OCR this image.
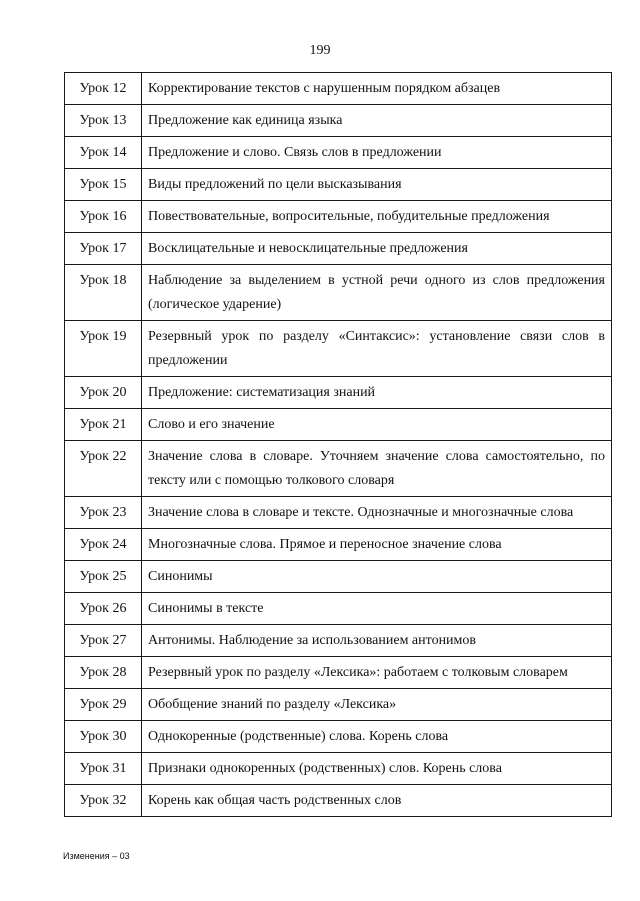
199
Урок 12	Корректирование текстов с нарушенным порядком абзацев
Урок 13	Предложение как единица языка
Урок 14	Предложение и слово. Связь слов в предложении
Урок 15	Виды предложений по цели высказывания
Урок 16	Повествовательные, вопросительные, побудительные предложения
Урок 17	Восклицательные и невосклицательные предложения
Урок 18	Наблюдение за выделением в устной речи одного из слов предложения (логическое ударение)
Урок 19	Резервный урок по разделу «Синтаксис»: установление связи слов в предложении
Урок 20	Предложение: систематизация знаний
Урок 21	Слово и его значение
Урок 22	Значение слова в словаре. Уточняем значение слова самостоятельно, по тексту или с помощью толкового словаря
Урок 23	Значение слова в словаре и тексте. Однозначные и многозначные слова
Урок 24	Многозначные слова. Прямое и переносное значение слова
Урок 25	Синонимы
Урок 26	Синонимы в тексте
Урок 27	Антонимы. Наблюдение за использованием антонимов
Урок 28	Резервный урок по разделу «Лексика»: работаем с толковым словарем
Урок 29	Обобщение знаний по разделу «Лексика»
Урок 30	Однокоренные (родственные) слова. Корень слова
Урок 31	Признаки однокоренных (родственных) слов. Корень слова
Урок 32	Корень как общая часть родственных слов
Изменения – 03
